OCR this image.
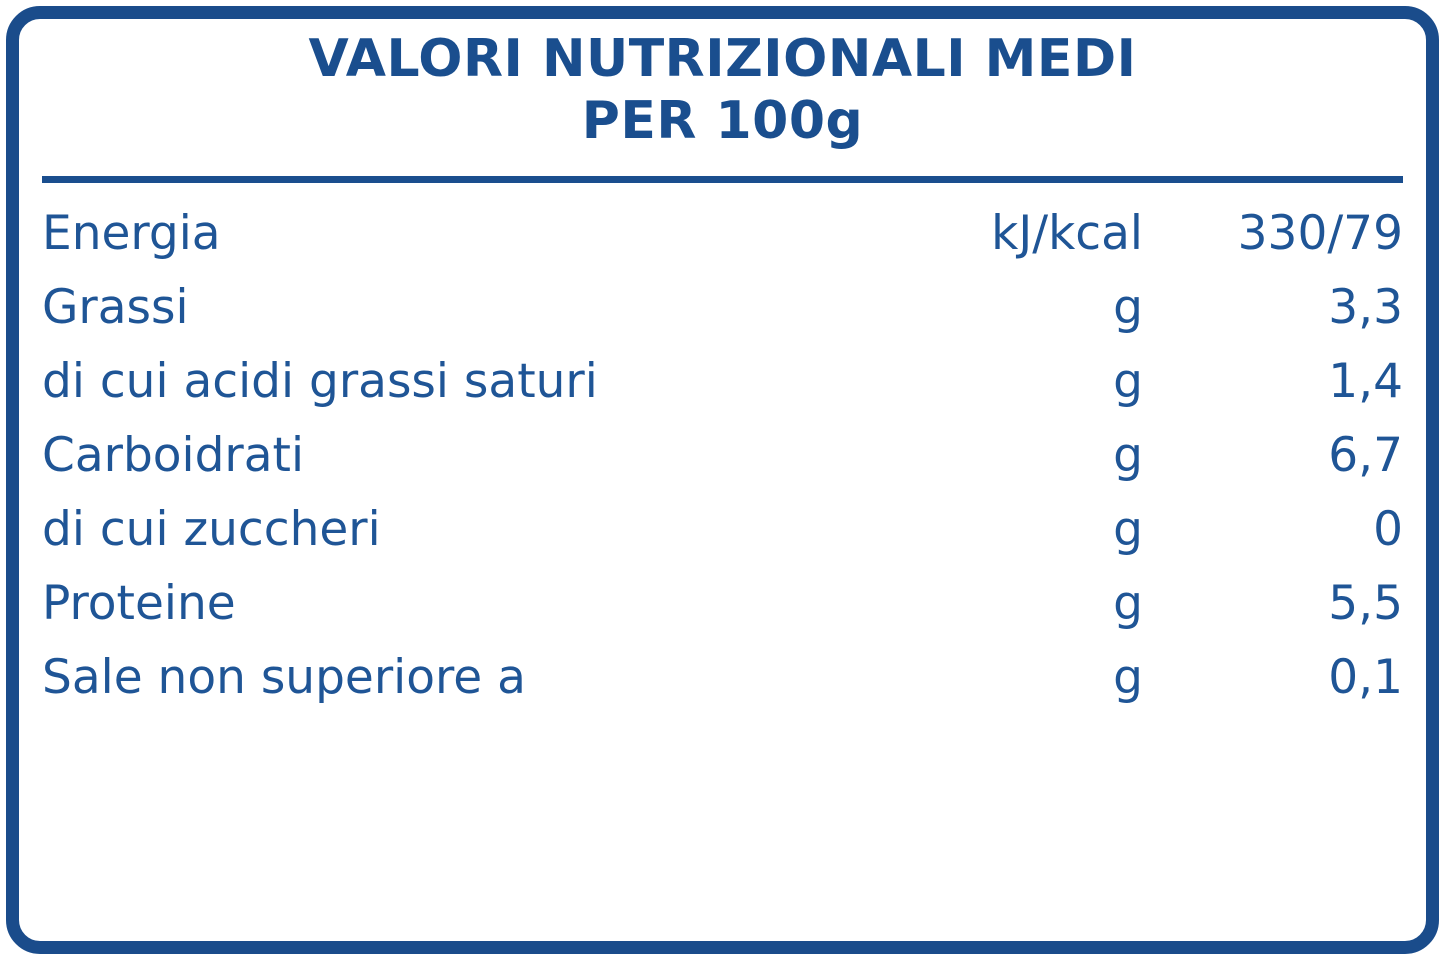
VALORI NUTRIZIONALI MEDI
PER 100g
Energia	kJ/kcal	330/79
Grassi	g	3,3
di cui acidi grassi saturi	g	1,4
Carboidrati	g	6,7
di cui zuccheri	g	0
Proteine	g	5,5
Sale non superiore a	g	0,1
